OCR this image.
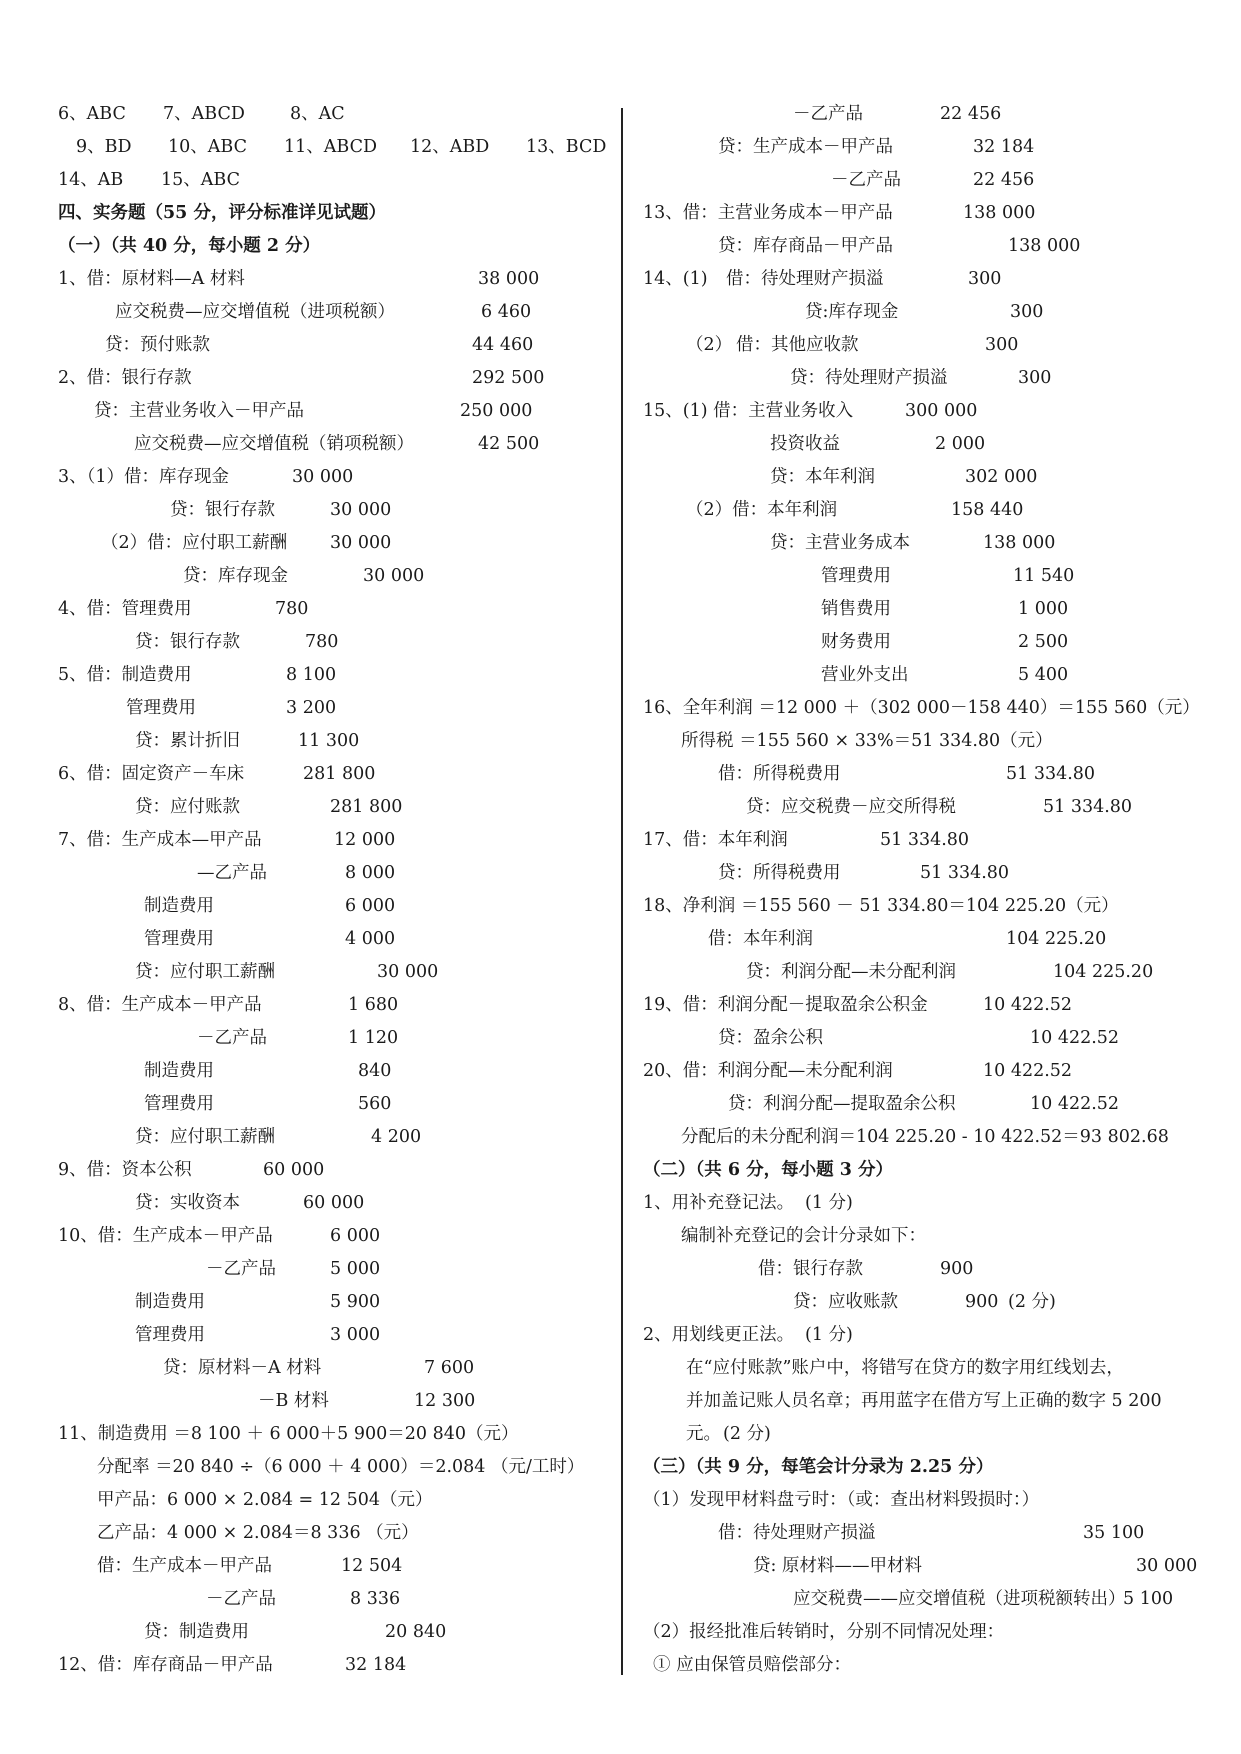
6、ABC 7、ABCD	8、AC
9、BD 10、ABC 11、ABCD 12、ABD 13、BCD
14、AB 15、ABC
四、实务题（55 分，评分标准详见试题）
（一）（共 40 分，每小题 2 分）
1、借：原材料—A 材料	38 000
应交税费—应交增值税（进项税额）	6 460
贷：预付账款	44 460
2、借：银行存款	292 500
贷：主营业务收入－甲产品	250 000
应交税费—应交增值税（销项税额）	42 500
3、（1）借：库存现金	30 000
贷：银行存款	30 000
（2）借：应付职工薪酬 30 000
贷：库存现金	30 000
4、借：管理费用	780
贷：银行存款	780
5、借：制造费用	8 100
管理费用	3 200
贷：累计折旧	11 300
6、借：固定资产－车床	281 800
贷：应付账款	281 800
7、借：生产成本—甲产品	12 000
—乙产品	8 000
制造费用	6 000
管理费用	4 000
贷：应付职工薪酬	30 000
8、借：生产成本－甲产品	1 680
－乙产品	1 120
制造费用	840
管理费用	560
贷：应付职工薪酬	4 200
9、借：资本公积	60 000
贷：实收资本	60 000
10、借：生产成本－甲产品	6 000
－乙产品	5 000
制造费用	5 900
管理费用	3 000
贷：原材料－A 材料	7 600
－B 材料	12 300
11、制造费用 ＝8 100 ＋ 6 000＋5 900＝20 840（元）
分配率 ＝20 840 ÷（6 000 ＋ 4 000）＝2.084 （元/工时）
甲产品：6 000 × 2.084 = 12 504（元）
乙产品：4 000 × 2.084＝8 336 （元）
借：生产成本－甲产品	12 504
－乙产品	8 336
贷：制造费用	20 840
12、借：库存商品－甲产品	32 184
－乙产品	22 456
贷：生产成本－甲产品	32 184
－乙产品	22 456
13、借：主营业务成本－甲产品	138 000
贷：库存商品－甲产品	138 000
14、(1) 借：待处理财产损溢	300
贷:库存现金	300
（2） 借：其他应收款	300
贷：待处理财产损溢	300
15、(1) 借：主营业务收入	300 000
投资收益	2 000
贷：本年利润	302 000
（2）借：本年利润	158 440
贷：主营业务成本	138 000
管理费用	11 540
销售费用	1 000
财务费用	2 500
营业外支出	5 400
16、全年利润 ＝12 000 ＋（302 000－158 440）＝155 560（元）
所得税 ＝155 560 × 33%＝51 334.80（元）
借：所得税费用	51 334.80
贷：应交税费－应交所得税	51 334.80
17、借：本年利润	51 334.80
贷：所得税费用	51 334.80
18、净利润 ＝155 560 － 51 334.80＝104 225.20（元）
借：本年利润	104 225.20
贷：利润分配—未分配利润	104 225.20
19、借：利润分配－提取盈余公积金	10 422.52
贷：盈余公积	10 422.52
20、借：利润分配—未分配利润	10 422.52
贷：利润分配—提取盈余公积	10 422.52
分配后的未分配利润＝104 225.20 - 10 422.52＝93 802.68
（二）（共 6 分，每小题 3 分）
1、用补充登记法。 (1 分)
编制补充登记的会计分录如下：
借：银行存款	900
贷：应收账款	900 (2 分)
2、用划线更正法。 (1 分)
在“应付账款”账户中，将错写在贷方的数字用红线划去，
并加盖记账人员名章；再用蓝字在借方写上正确的数字 5 200
元。 (2 分)
（三）（共 9 分，每笔会计分录为 2.25 分）
（1）发现甲材料盘亏时：（或：查出材料毁损时：）
借：待处理财产损溢	35 100
贷: 原材料——甲材料	30 000
应交税费——应交增值税（进项税额转出）
5 100
（2）报经批准后转销时，分别不同情况处理：
① 应由保管员赔偿部分：
